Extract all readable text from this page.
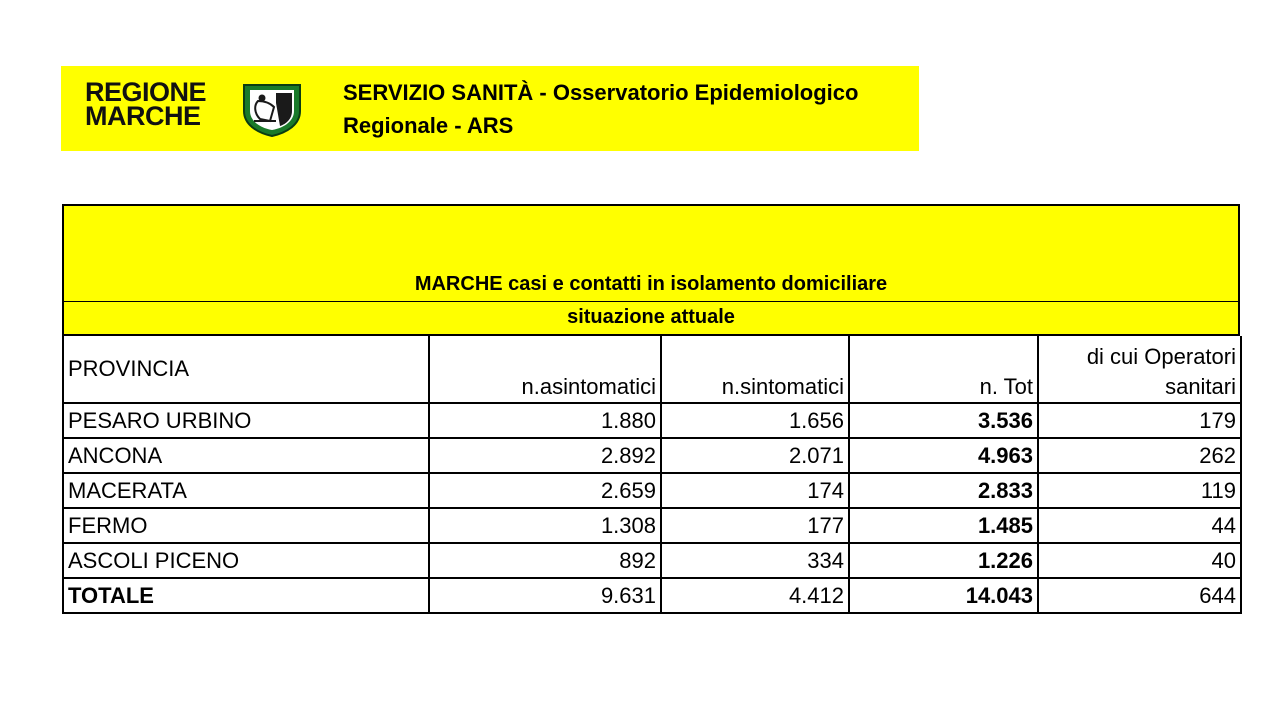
REGIONE
MARCHE
SERVIZIO SANITÀ - Osservatorio Epidemiologico
Regionale - ARS
MARCHE casi e contatti in isolamento domiciliare
situazione attuale
PROVINCIA	n.asintomatici	n.sintomatici	n. Tot	di cui Operatori
sanitari

PESARO URBINO	1.880	1.656	3.536	179
ANCONA	2.892	2.071	4.963	262
MACERATA	2.659	174	2.833	119
FERMO	1.308	177	1.485	44
ASCOLI PICENO	892	334	1.226	40
TOTALE	9.631	4.412	14.043	644
